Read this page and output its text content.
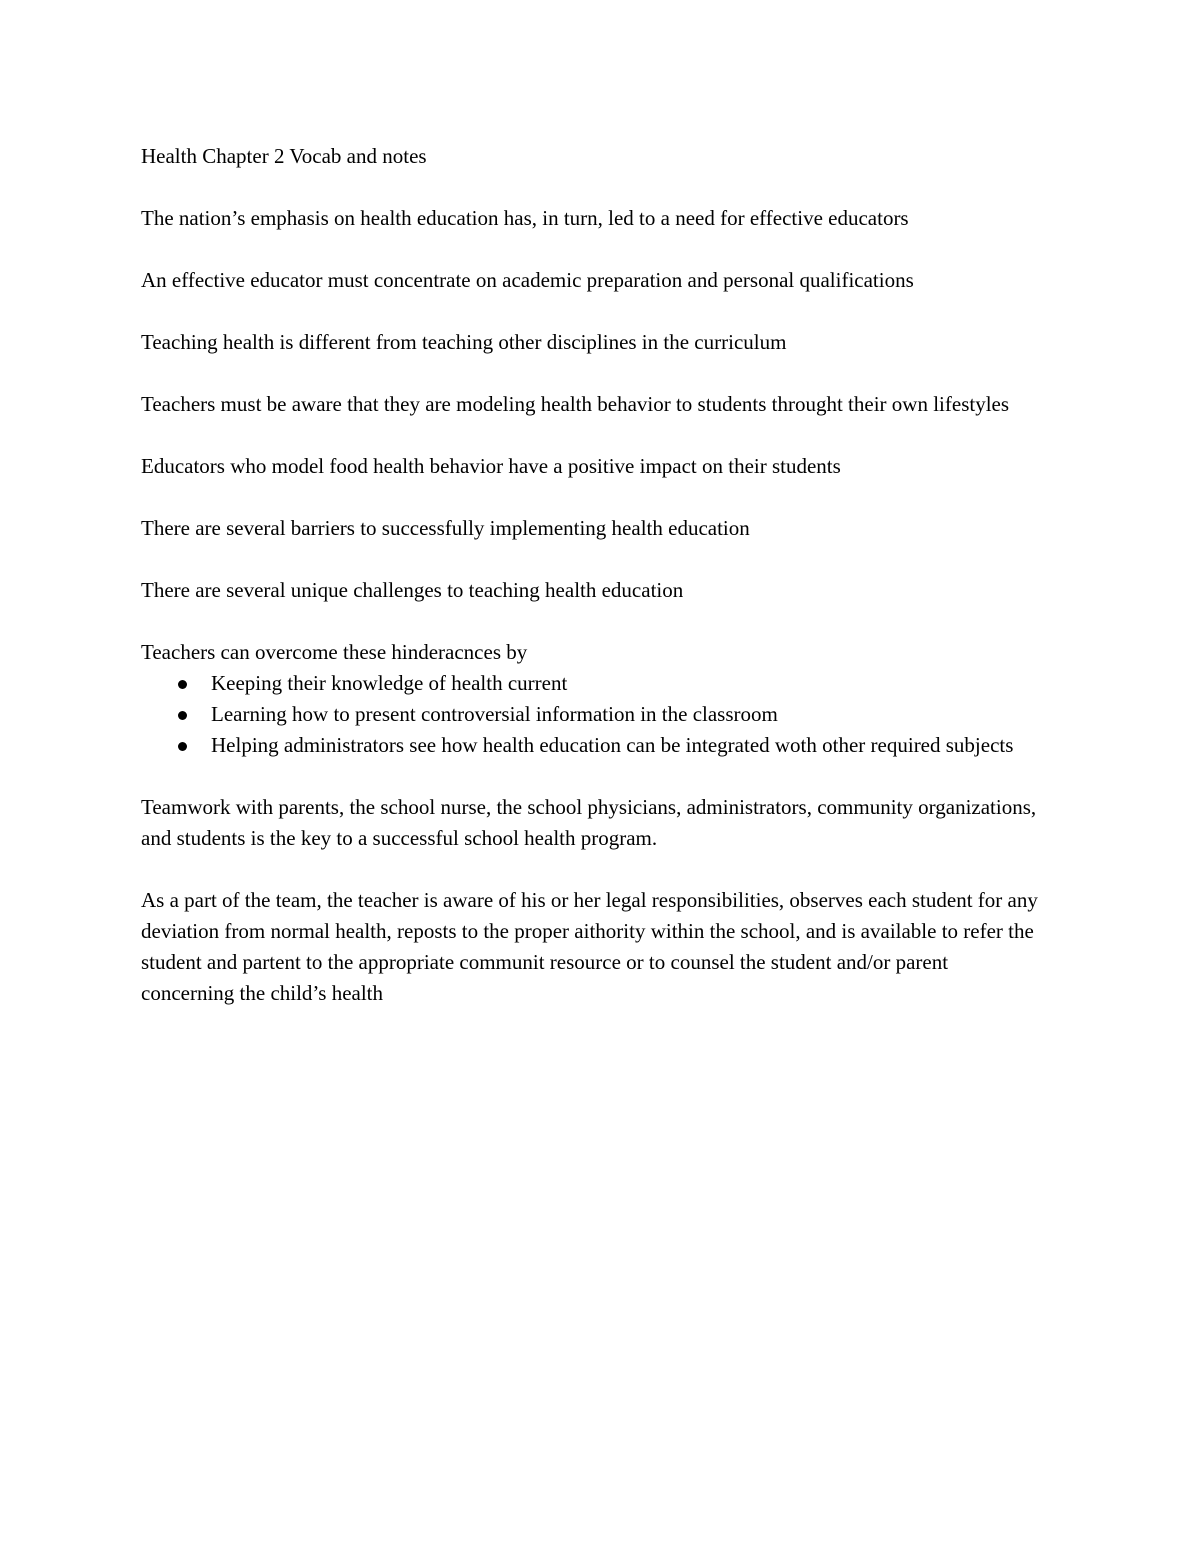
Health Chapter 2 Vocab and notes

The nation’s emphasis on health education has, in turn, led to a need for effective educators

An effective educator must concentrate on academic preparation and personal qualifications

Teaching health is different from teaching other disciplines in the curriculum

Teachers must be aware that they are modeling health behavior to students throught their own lifestyles

Educators who model food health behavior have a positive impact on their students

There are several barriers to successfully implementing health education

There are several unique challenges to teaching health education

Teachers can overcome these hinderacnces by

Keeping their knowledge of health current
Learning how to present controversial information in the classroom
Helping administrators see how health education can be integrated woth other required subjects

Teamwork with parents, the school nurse, the school physicians, administrators, community organizations, and students is the key to a successful school health program.

As a part of the team, the teacher is aware of his or her legal responsibilities, observes each student for any deviation from normal health, reposts to the proper aithority within the school, and is available to refer the student and partent to the appropriate communit resource or to counsel the student and/or parent concerning the child’s health
